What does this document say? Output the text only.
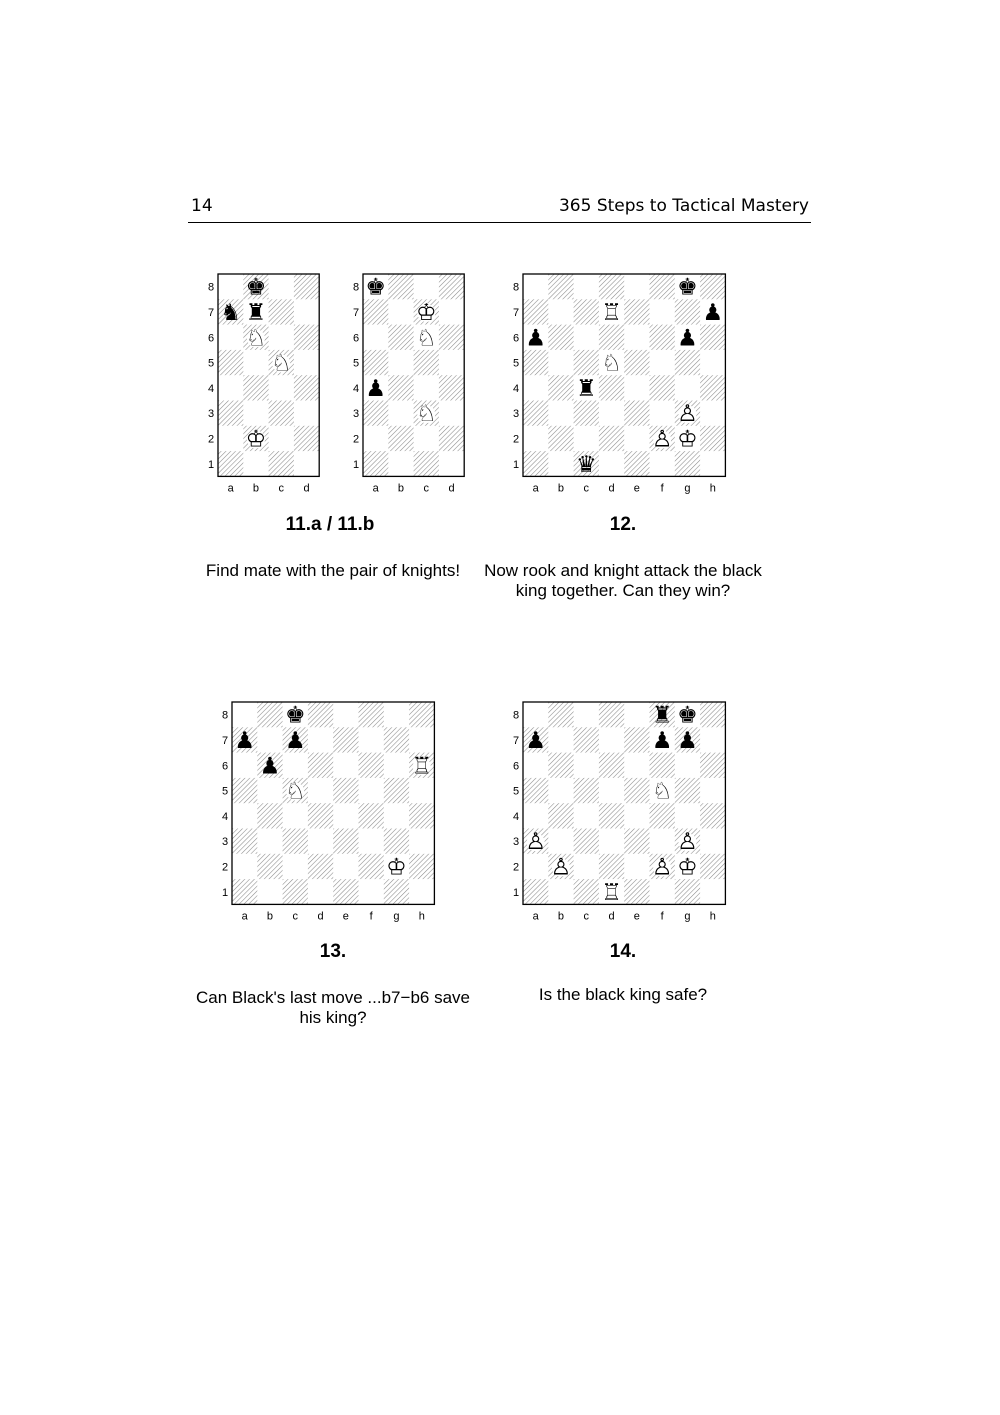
14	365 Steps to Tactical Mastery
8
7
6
5
4
3
2
1
a b c d
♚
♞ ♜
♘
♘
♔
8
7
6
5
4
3
2
1
a b c d
♚
♔
♘
♟
♘
8
7
6
5
4
3
2
1
a b c d e f g h
♚
♖	♟
♟	♟
♘
♜
♙
♙ ♔
♛
8
7
6
5
4
3
2
1
a b c d e f g h
♚
♟ ♟
♟	♖
♘
♔
8
7
6
5
4
3
2
1
a b c d e f g h
♜ ♚
♟	♟ ♟
♘
♙	♙
♙	♙ ♔
♖
11.a / 11.b
Find mate with the pair of knights!
12.
Now rook and knight attack the black king together. Can they win?
13.
Can Black's last move ...b7−b6 save his king?
14.
Is the black king safe?
